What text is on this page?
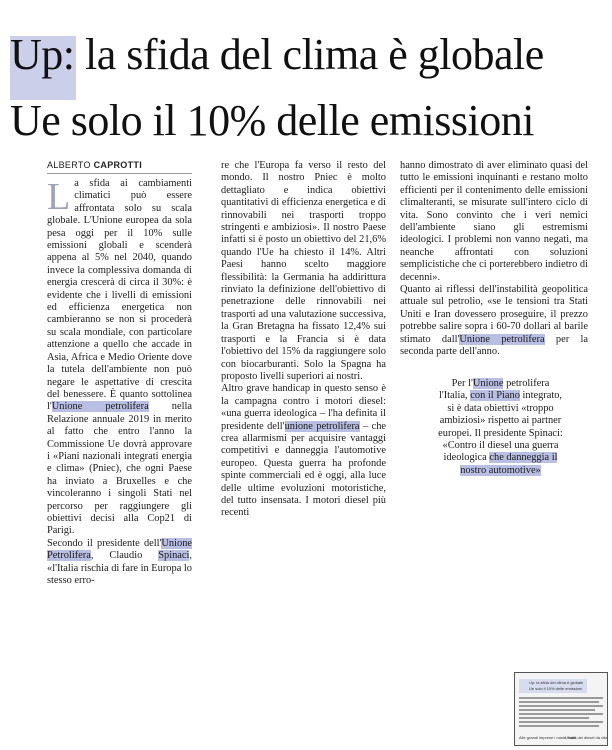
Up: la sfida del clima è globale
Ue solo il 10% delle emissioni
ALBERTO CAPROTTI

La sfida ai cambiamenti climatici può essere affrontata solo su scala globale. L'Unione europea da sola pesa oggi per il 10% sulle emissioni globali e scenderà appena al 5% nel 2040, quando invece la complessiva domanda di energia crescerà di circa il 30%: è evidente che i livelli di emissioni ed efficienza energetica non cambieranno se non si procederà su scala mondiale, con particolare attenzione a quello che accade in Asia, Africa e Medio Oriente dove la tutela dell'ambiente non può negare le aspettative di crescita del benessere. È quanto sottolinea l'Unione petrolifera nella Relazione annuale 2019 in merito al fatto che entro l'anno la Commissione Ue dovrà approvare i «Piani nazionali integrati energia e clima» (Pniec), che ogni Paese ha inviato a Bruxelles e che vincoleranno i singoli Stati nel percorso per raggiungere gli obiettivi decisi alla Cop21 di Parigi.

Secondo il presidente dell'Unione Petrolifera, Claudio Spinaci, «l'Italia rischia di fare in Europa lo stesso erro-

re che l'Europa fa verso il resto del mondo. Il nostro Pniec è molto dettagliato e indica obiettivi quantitativi di efficienza energetica e di rinnovabili nei trasporti troppo stringenti e ambiziosi». Il nostro Paese infatti si è posto un obiettivo del 21,6% quando l'Ue ha chiesto il 14%. Altri Paesi hanno scelto maggiore flessibilità: la Germania ha addirittura rinviato la definizione dell'obiettivo di penetrazione delle rinnovabili nei trasporti ad una valutazione successiva, la Gran Bretagna ha fissato 12,4% sui trasporti e la Francia si è data l'obiettivo del 15% da raggiungere solo con biocarburanti. Solo la Spagna ha proposto livelli superiori ai nostri.

Altro grave handicap in questo senso è la campagna contro i motori diesel: «una guerra ideologica – l'ha definita il presidente dell'unione petrolifera – che crea allarmismi per acquisire vantaggi competitivi e danneggia l'automotive europeo. Questa guerra ha profonde spinte commerciali ed è oggi, alla luce delle ultime evoluzioni motoristiche, del tutto insensata. I motori diesel più recenti

hanno dimostrato di aver eliminato quasi del tutto le emissioni inquinanti e restano molto efficienti per il contenimento delle emissioni climalteranti, se misurate sull'intero ciclo di vita. Sono convinto che i veri nemici dell'ambiente siano gli estremismi ideologici. I problemi non vanno negati, ma neanche affrontati con soluzioni semplicistiche che ci porterebbero indietro di decenni».

Quanto ai riflessi dell'instabilità geopolitica attuale sul petrolio, «se le tensioni tra Stati Uniti e Iran dovessero proseguire, il prezzo potrebbe salire sopra i 60-70 dollari al barile stimato dall'Unione petrolifera per la seconda parte dell'anno.

Per l'Unione petrolifera l'Italia, con il Piano integrato, si è data obiettivi «troppo ambiziosi» rispetto ai partner europei. Il presidente Spinaci: «Contro il diesel una guerra ideologica che danneggia il nostro automotive»
Up: la sfida del clima è globale
Ue solo il 10% delle emissioni
Alle grandi imprese i nostri fondi
L'Italia dei diesel dà vita
